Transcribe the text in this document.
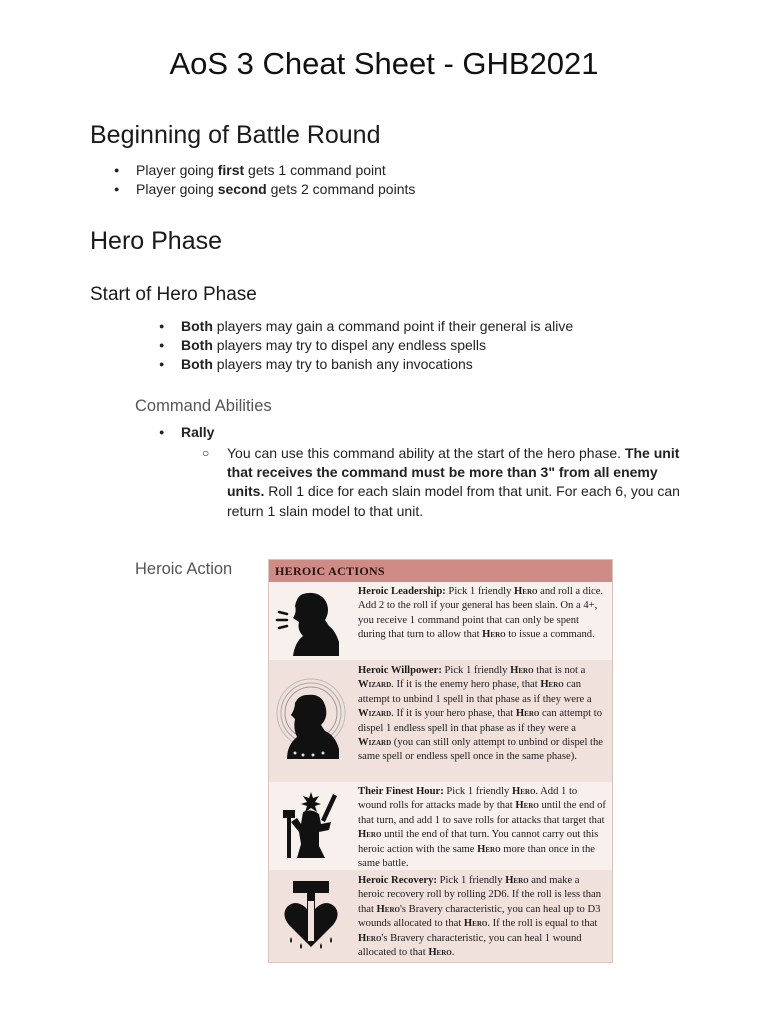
AoS 3 Cheat Sheet - GHB2021
Beginning of Battle Round
● Player going first gets 1 command point
● Player going second gets 2 command points
Hero Phase
Start of Hero Phase
● Both players may gain a command point if their general is alive
● Both players may try to dispel any endless spells
● Both players may try to banish any invocations
Command Abilities
● Rally
○ You can use this command ability at the start of the hero phase. The unit that receives the command must be more than 3" from all enemy units. Roll 1 dice for each slain model from that unit. For each 6, you can return 1 slain model to that unit.
Heroic Action	HEROIC ACTIONS
Heroic Leadership: Pick 1 friendly Hero and roll a dice. Add 2 to the roll if your general has been slain. On a 4+, you receive 1 command point that can only be spent during that turn to allow that Hero to issue a command.
Heroic Willpower: Pick 1 friendly Hero that is not a Wizard. If it is the enemy hero phase, that Hero can attempt to unbind 1 spell in that phase as if they were a Wizard. If it is your hero phase, that Hero can attempt to dispel 1 endless spell in that phase as if they were a Wizard (you can still only attempt to unbind or dispel the same spell or endless spell once in the same phase).
Their Finest Hour: Pick 1 friendly Hero. Add 1 to wound rolls for attacks made by that Hero until the end of that turn, and add 1 to save rolls for attacks that target that Hero until the end of that turn. You cannot carry out this heroic action with the same Hero more than once in the same battle.
Heroic Recovery: Pick 1 friendly Hero and make a heroic recovery roll by rolling 2D6. If the roll is less than that Hero's Bravery characteristic, you can heal up to D3 wounds allocated to that Hero. If the roll is equal to that Hero's Bravery characteristic, you can heal 1 wound allocated to that Hero.
